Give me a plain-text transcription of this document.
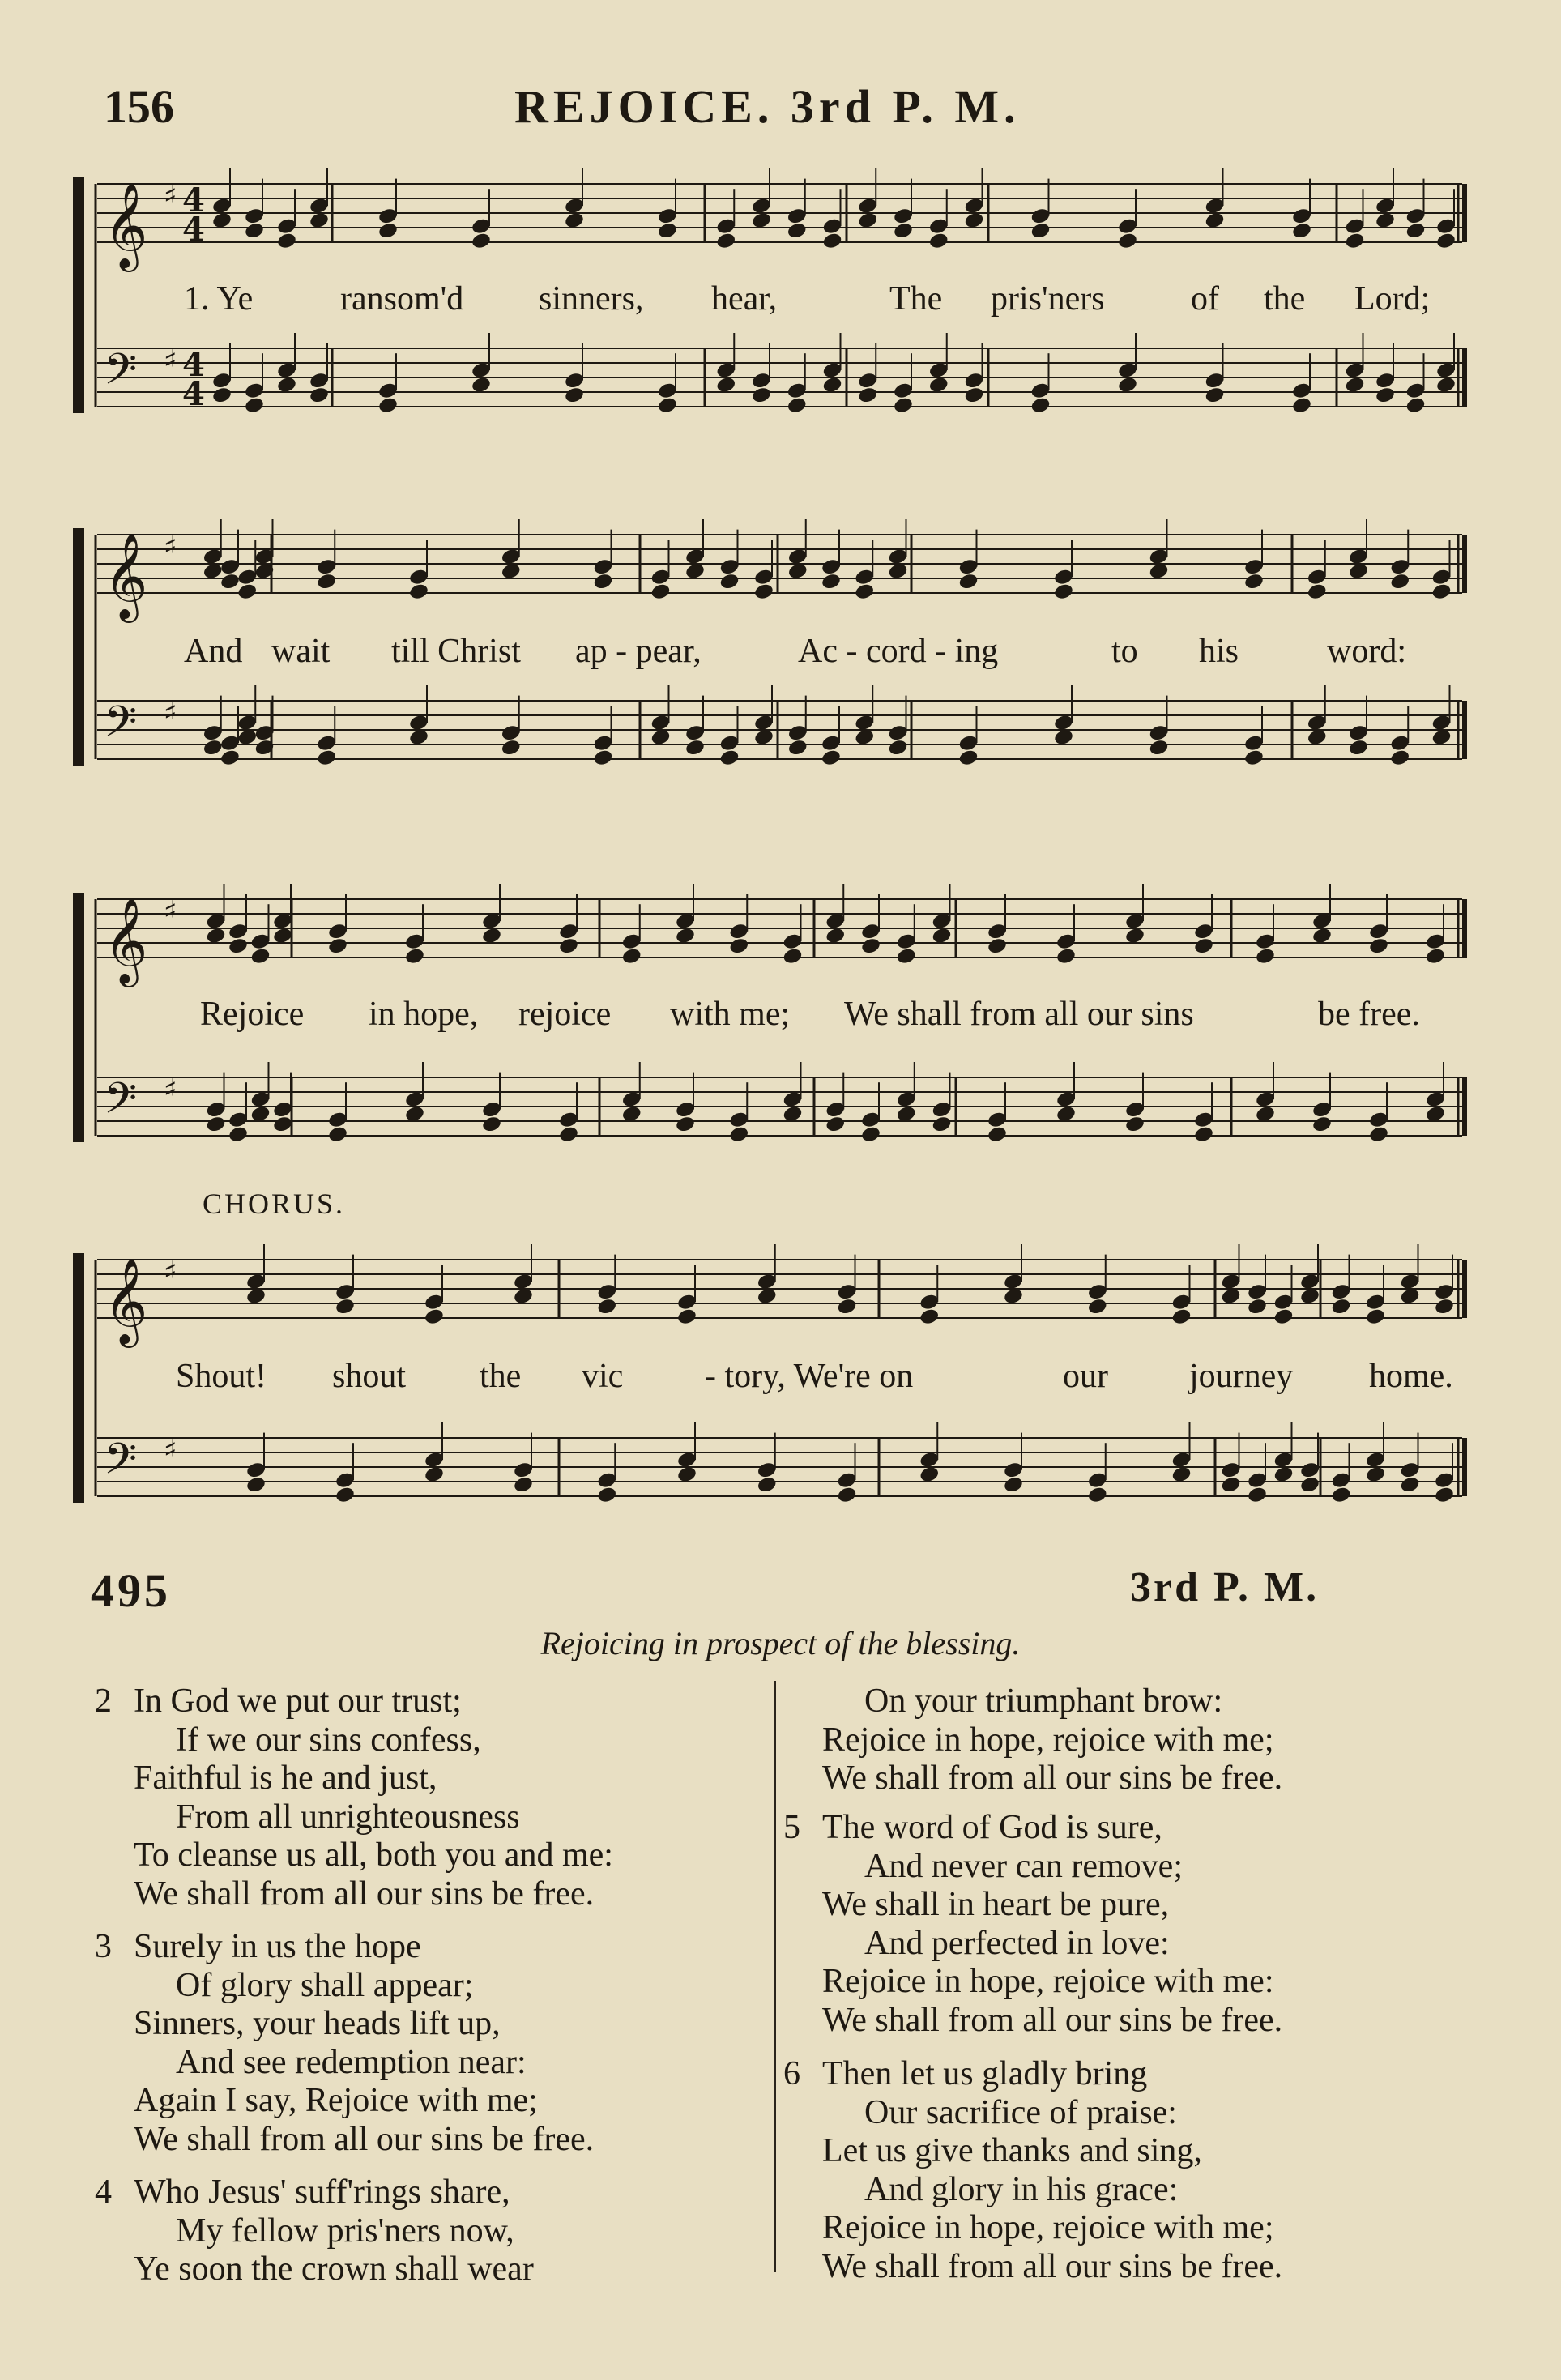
156	REJOICE. 3rd P. M.
𝄞 ♯ 4
4
𝄢 ♯ 4
4
1. Ye	ransom'd sinners, hear,	The pris'ners	of the Lord;
𝄞 ♯
𝄢 ♯
And wait till Christ ap - pear,	Ac - cord - ing	to his	word:
𝄞 ♯
𝄢 ♯
Rejoice in hope, rejoice with me; We shall from all our sins	be free.
CHORUS.
𝄞 ♯
𝄢 ♯
Shout! shout the vic - tory, We're on	our journey home.
495	3rd P. M.
Rejoicing in prospect of the blessing.
2 In God we put our trust;
If we our sins confess,
Faithful is he and just,
From all unrighteousness
To cleanse us all, both you and me:
We shall from all our sins be free.
3 Surely in us the hope
Of glory shall appear;
Sinners, your heads lift up,
And see redemption near:
Again I say, Rejoice with me;
We shall from all our sins be free.
4 Who Jesus' suff'rings share,
My fellow pris'ners now,
Ye soon the crown shall wear
On your triumphant brow:
Rejoice in hope, rejoice with me;
We shall from all our sins be free.
5 The word of God is sure,
And never can remove;
We shall in heart be pure,
And perfected in love:
Rejoice in hope, rejoice with me:
We shall from all our sins be free.
6 Then let us gladly bring
Our sacrifice of praise:
Let us give thanks and sing,
And glory in his grace:
Rejoice in hope, rejoice with me;
We shall from all our sins be free.
